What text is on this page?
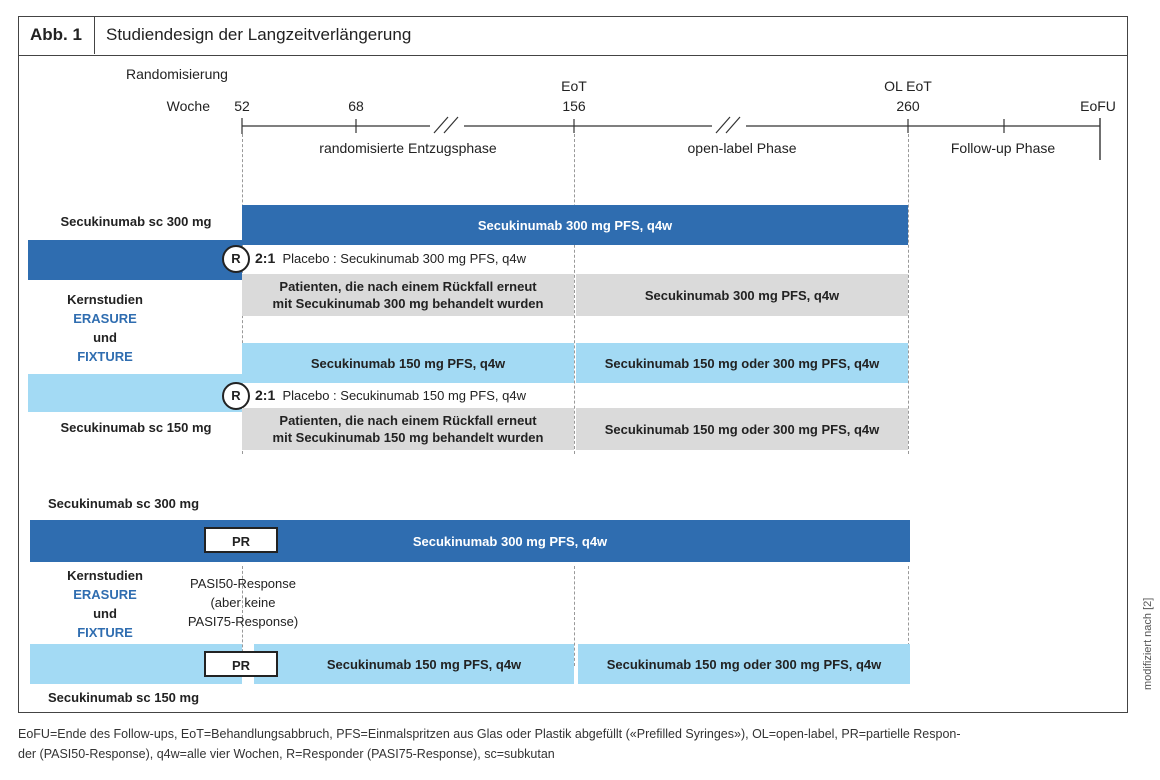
Abb. 1	Studiendesign der Langzeitverlängerung
Randomisierung
Woche 52	68
EoT
156
OL EoT
260	EoFU
randomisierte Entzugsphase	open-label Phase	Follow-up Phase
Secukinumab sc 300 mg	Secukinumab 300 mg PFS, q4w
R	2:1 Placebo : Secukinumab 300 mg PFS, q4w
Patienten, die nach einem Rückfall erneut
mit Secukinumab 300 mg behandelt wurden
Secukinumab 300 mg PFS, q4w
Kernstudien
ERASURE
und
FIXTURE	Secukinumab 150 mg PFS, q4w	Secukinumab 150 mg oder 300 mg PFS, q4w
R	2:1 Placebo : Secukinumab 150 mg PFS, q4w
Patienten, die nach einem Rückfall erneut
mit Secukinumab 150 mg behandelt wurden
Secukinumab 150 mg oder 300 mg PFS, q4w
Secukinumab sc 150 mg
Secukinumab sc 300 mg
Secukinumab 300 mg PFS, q4w
PR
Kernstudien
ERASURE
und
FIXTURE
PASI50-Response
(aber keine
PASI75-Response)
Secukinumab 150 mg PFS, q4w	Secukinumab 150 mg oder 300 mg PFS, q4w
PR
Secukinumab sc 150 mg
EoFU=Ende des Follow-ups, EoT=Behandlungsabbruch, PFS=Einmalspritzen aus Glas oder Plastik abgefüllt («Prefilled Syringes»), OL=open-label, PR=partielle Respon-
der (PASI50-Response), q4w=alle vier Wochen, R=Responder (PASI75-Response), sc=subkutan
modifiziert nach [2]
